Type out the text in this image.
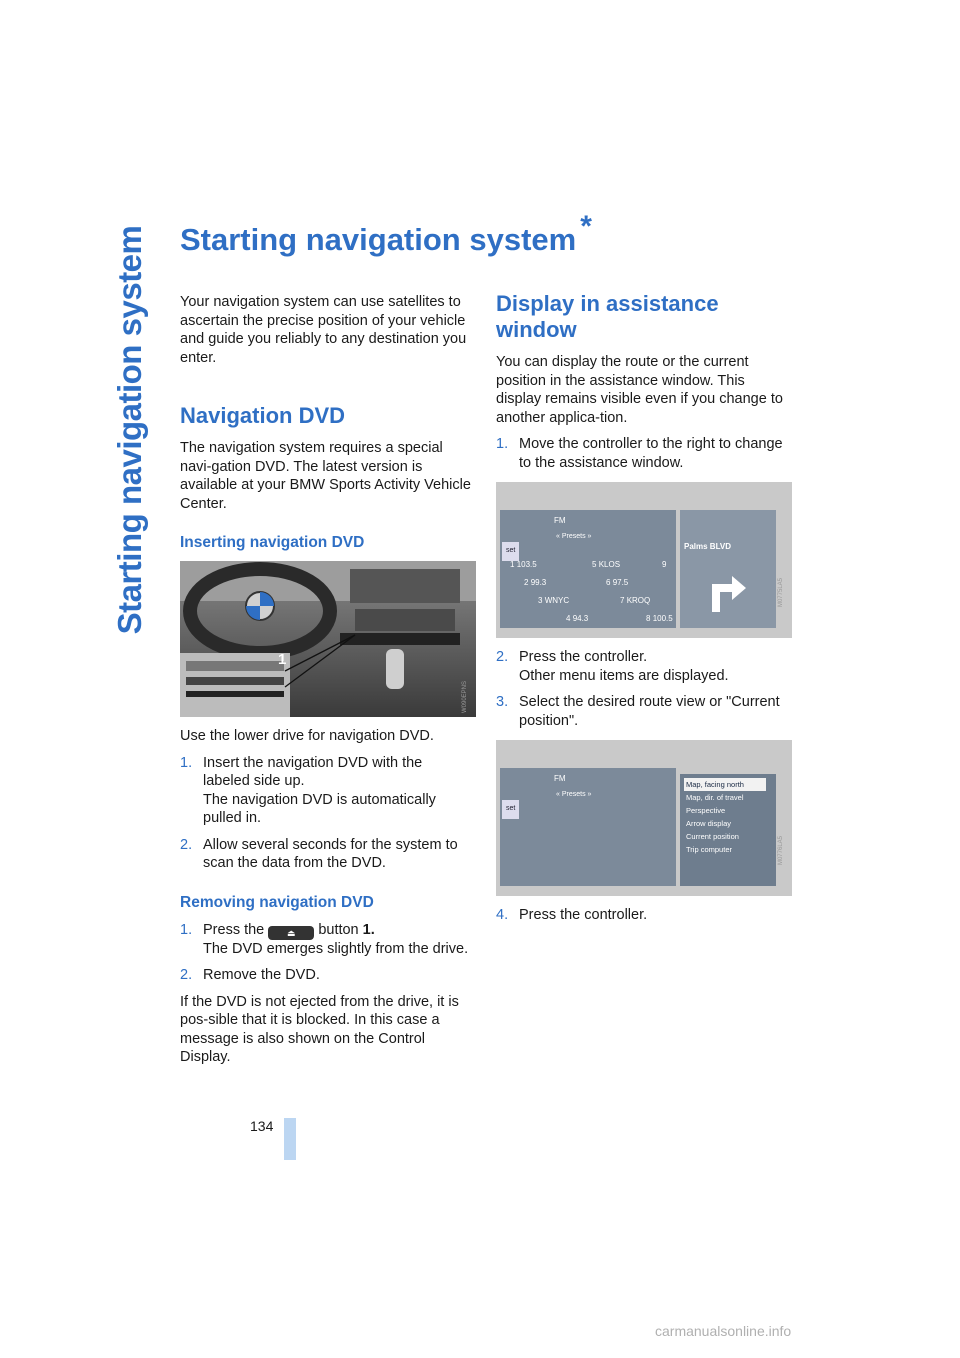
Starting navigation system Starting navigation system *

Your navigation system can use satellites to ascertain the precise position of your vehicle and guide you reliably to any destination you enter.

Navigation DVD

The navigation system requires a special navi-gation DVD. The latest version is available at your BMW Sports Activity Vehicle Center.

Inserting navigation DVD
1
W090EPNS

Use the lower drive for navigation DVD.

1. Insert the navigation DVD with the labeled side up.
The navigation DVD is automatically pulled in.
2. Allow several seconds for the system to scan the data from the DVD.
Removing navigation DVD
1. Press the	⏏ button 1.
The DVD emerges slightly from the drive.
2. Remove the DVD.

If the DVD is not ejected from the drive, it is pos-sible that it is blocked. In this case a message is also shown on the Control Display.

Display in assistance window

You can display the route or the current position in the assistance window. This display remains visible even if you change to another applica-tion.

1. Move the controller to the right to change to the assistance window.
FM
« Presets »
set
1 103.5	5 KLOS	9
2 99.3	6 97.5
3 WNYC	7 KROQ
4 94.3	8 100.5
Palms BLVD
M0775LA5
2. Press the controller.
Other menu items are displayed.
3. Select the desired route view or "Current position".
FM
« Presets »
set
Map, facing north
Map, dir. of travel
Perspective
Arrow display
Current position
Trip computer	M0776LA5
4. Press the controller.
134
carmanualsonline.info
